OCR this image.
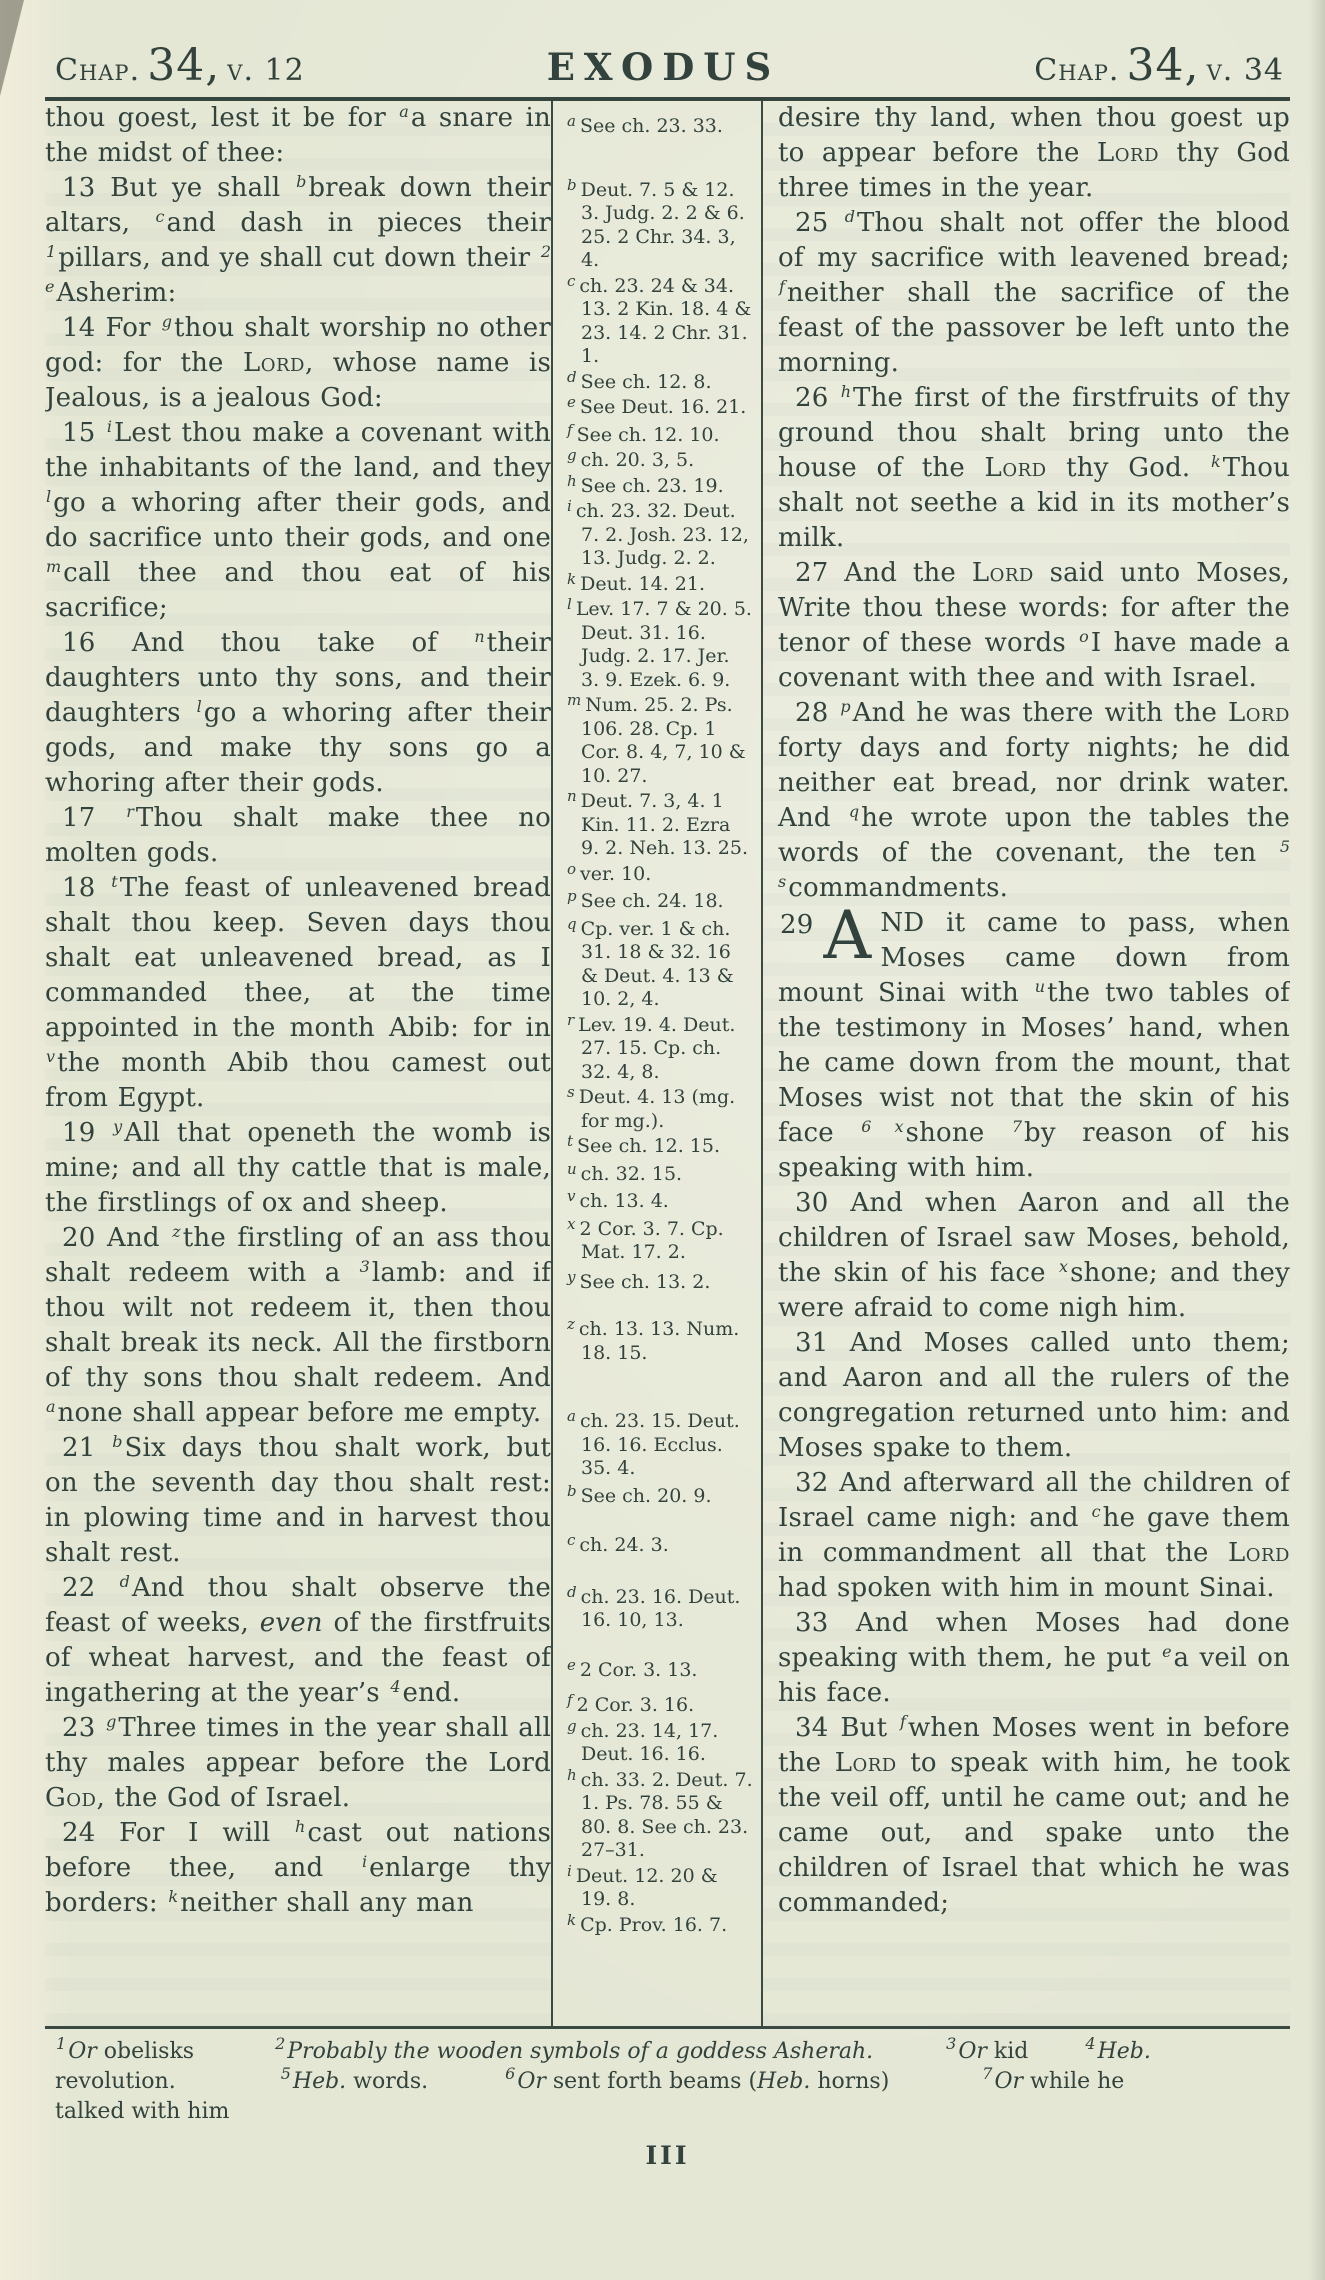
Chap. 34, v. 12	EXODUS	Chap. 34, v. 34

thou goest, lest it be for $^a$a snare in the midst of thee:

13 But ye shall $^b$break down their altars, $^c$and dash in pieces their $^1$pillars, and ye shall cut down their $^{2 e}$Asherim:

14 For $^g$thou shalt worship no other god: for the Lord, whose name is Jealous, is a jealous God:

15 $^i$Lest thou make a covenant with the inhabitants of the land, and they $^l$go a whoring after their gods, and do sacrifice unto their gods, and one $^m$call thee and thou eat of his sacrifice;

16 And thou take of $^n$their daughters unto thy sons, and their daughters $^l$go a whoring after their gods, and make thy sons go a whoring after their gods.

17 $^r$Thou shalt make thee no molten gods.

18 $^t$The feast of unleavened bread shalt thou keep. Seven days thou shalt eat unleavened bread, as I commanded thee, at the time appointed in the month Abib: for in $^v$the month Abib thou camest out from Egypt.

19 $^y$All that openeth the womb is mine; and all thy cattle that is male, the firstlings of ox and sheep.

20 And $^z$the firstling of an ass thou shalt redeem with a $^3$lamb: and if thou wilt not redeem it, then thou shalt break its neck. All the firstborn of thy sons thou shalt redeem. And $^a$none shall appear before me empty.

21 $^b$Six days thou shalt work, but on the seventh day thou shalt rest: in plowing time and in harvest thou shalt rest.

22 $^d$And thou shalt observe the feast of weeks, even of the firstfruits of wheat harvest, and the feast of ingathering at the year’s $^4$end.

23 $^g$Three times in the year shall all thy males appear before the Lord God, the God of Israel.

24 For I will $^h$cast out nations before thee, and $^i$enlarge thy borders: $^k$neither shall any man

$^a$ See ch. 23. 33.
$^b$ Deut. 7. 5 & 12. 3. Judg. 2. 2 & 6. 25. 2 Chr. 34. 3, 4.
$^c$ ch. 23. 24 & 34. 13. 2 Kin. 18. 4 & 23. 14. 2 Chr. 31. 1.
$^d$ See ch. 12. 8.
$^e$ See Deut. 16. 21.
$^f$ See ch. 12. 10.
$^g$ ch. 20. 3, 5.
$^h$ See ch. 23. 19.
$^i$ ch. 23. 32. Deut. 7. 2. Josh. 23. 12, 13. Judg. 2. 2.
$^k$ Deut. 14. 21.
$^l$ Lev. 17. 7 & 20. 5. Deut. 31. 16. Judg. 2. 17. Jer. 3. 9. Ezek. 6. 9.
$^m$ Num. 25. 2. Ps. 106. 28. Cp. 1 Cor. 8. 4, 7, 10 & 10. 27.
$^n$ Deut. 7. 3, 4. 1 Kin. 11. 2. Ezra 9. 2. Neh. 13. 25.
$^o$ ver. 10.
$^p$ See ch. 24. 18.
$^q$ Cp. ver. 1 & ch. 31. 18 & 32. 16 & Deut. 4. 13 & 10. 2, 4.
$^r$ Lev. 19. 4. Deut. 27. 15. Cp. ch. 32. 4, 8.
$^s$ Deut. 4. 13 (mg. for mg.).
$^t$ See ch. 12. 15.
$^u$ ch. 32. 15.
$^v$ ch. 13. 4.
$^x$ 2 Cor. 3. 7. Cp. Mat. 17. 2.
$^y$ See ch. 13. 2.
$^z$ ch. 13. 13. Num. 18. 15.
$^a$ ch. 23. 15. Deut. 16. 16. Ecclus. 35. 4.
$^b$ See ch. 20. 9.
$^c$ ch. 24. 3.
$^d$ ch. 23. 16. Deut. 16. 10, 13.
$^e$ 2 Cor. 3. 13.
$^f$ 2 Cor. 3. 16.
$^g$ ch. 23. 14, 17. Deut. 16. 16.
$^h$ ch. 33. 2. Deut. 7. 1. Ps. 78. 55 & 80. 8. See ch. 23. 27–31.
$^i$ Deut. 12. 20 & 19. 8.
$^k$ Cp. Prov. 16. 7.

desire thy land, when thou goest up to appear before the Lord thy God three times in the year.

25 $^d$Thou shalt not offer the blood of my sacrifice with leavened bread; $^f$neither shall the sacrifice of the feast of the passover be left unto the morning.

26 $^h$The first of the firstfruits of thy ground thou shalt bring unto the house of the Lord thy God. $^k$Thou shalt not seethe a kid in its mother’s milk.

27 And the Lord said unto Moses, Write thou these words: for after the tenor of these words $^o$I have made a covenant with thee and with Israel.

28 $^p$And he was there with the Lord forty days and forty nights; he did neither eat bread, nor drink water. And $^q$he wrote upon the tables the words of the covenant, the ten $^{5 s}$commandments.

29 A ND it came to pass, when Moses came down from mount Sinai with $^u$the two tables of the testimony in Moses’ hand, when he came down from the mount, that Moses wist not that the skin of his face $^{6 x}$shone $^7$by reason of his speaking with him.

30 And when Aaron and all the children of Israel saw Moses, behold, the skin of his face $^x$shone; and they were afraid to come nigh him.

31 And Moses called unto them; and Aaron and all the rulers of the congregation returned unto him: and Moses spake to them.

32 And afterward all the children of Israel came nigh: and $^c$he gave them in commandment all that the Lord had spoken with him in mount Sinai.

33 And when Moses had done speaking with them, he put $^e$a veil on his face.

34 But $^f$when Moses went in before the Lord to speak with him, he took the veil off, until he came out; and he came out, and spake unto the children of Israel that which he was commanded;

$^1$Or obelisks	$^2$Probably the wooden symbols of a goddess Asherah.	$^3$Or kid	$^4$Heb.
revolution.	$^5$Heb. words.	$^6$Or sent forth beams (Heb. horns)	$^7$Or while he
talked with him
III
